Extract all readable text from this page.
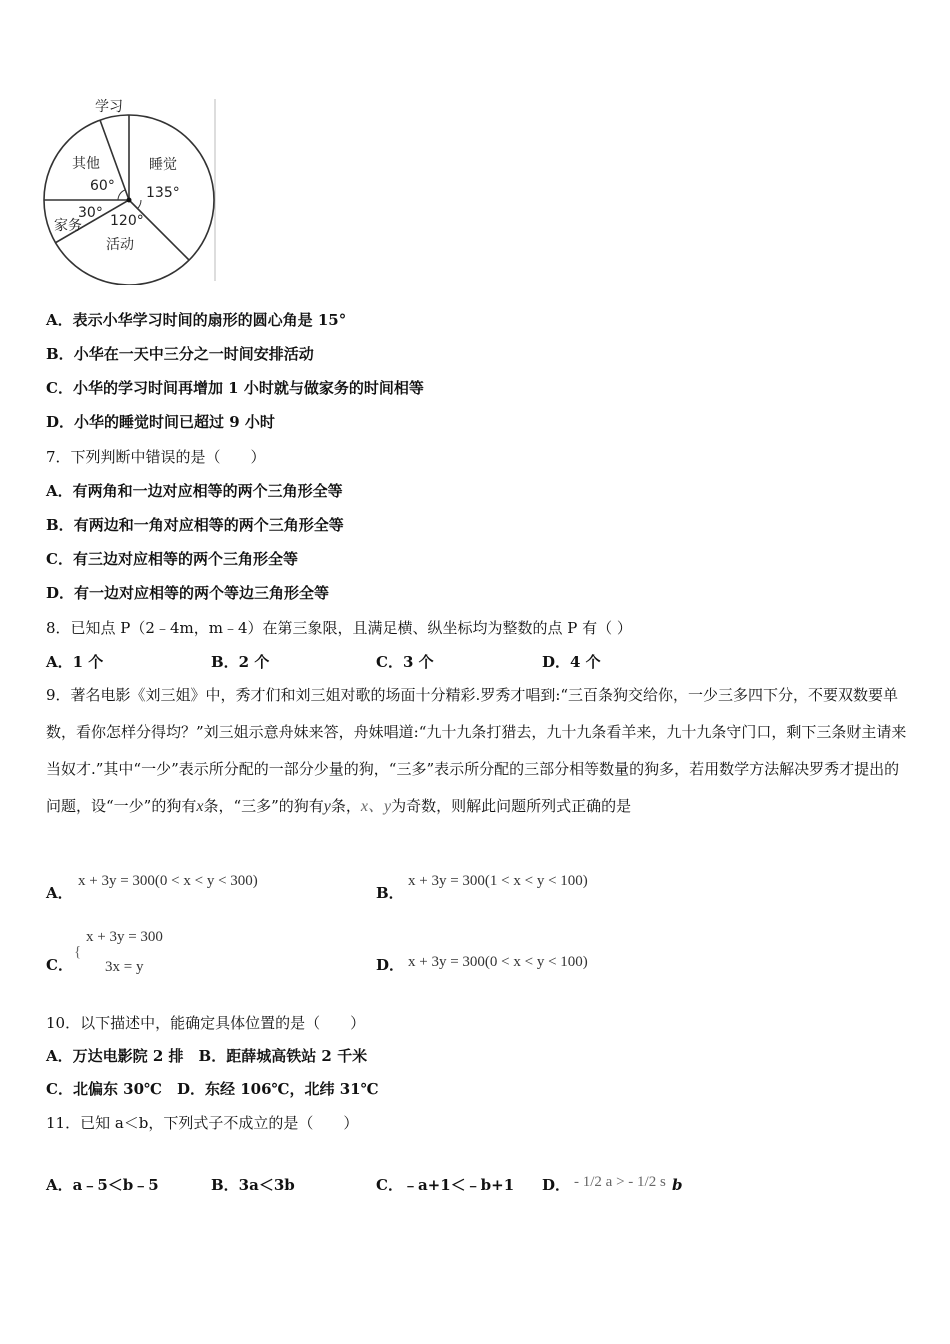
学习
其他
60°
睡觉
135°
30°
家务 120°
活动
A．表示小华学习时间的扇形的圆心角是 15°
B．小华在一天中三分之一时间安排活动
C．小华的学习时间再增加 1 小时就与做家务的时间相等
D．小华的睡觉时间已超过 9 小时
7．下列判断中错误的是（　　）
A．有两角和一边对应相等的两个三角形全等
B．有两边和一角对应相等的两个三角形全等
C．有三边对应相等的两个三角形全等
D．有一边对应相等的两个等边三角形全等
8．已知点 P（2﹣4m，m﹣4）在第三象限，且满足横、纵坐标均为整数的点 P 有（ ）
A．1 个	B．2 个	C．3 个	D．4 个
9．著名电影《刘三姐》中，秀才们和刘三姐对歌的场面十分精彩.罗秀才唱到:“三百条狗交给你，一少三多四下分，不要双数要单数，看你怎样分得均？”刘三姐示意舟妹来答，舟妹唱道:“九十九条打猎去，九十九条看羊来，九十九条守门口，剩下三条财主请来当奴才.”其中“一少”表示所分配的一部分少量的狗，“三多”表示所分配的三部分相等数量的狗多，若用数学方法解决罗秀才提出的问题，设“一少”的狗有x条，“三多”的狗有y条，x、y为奇数，则解此问题所列式正确的是
A．
x + 3y = 300(0 < x < y < 300)
B．
x + 3y = 300(1 < x < y < 100)
C．
{
x + 3y = 300
3x = y	D． x + 3y = 300(0 < x < y < 100)
10．以下描述中，能确定具体位置的是（　　）
A．万达电影院 2 排　B．距薛城高铁站 2 千米
C．北偏东 30℃　D．东经 106℃，北纬 31℃
11．已知 a＜b，下列式子不成立的是（　　）
A．a﹣5＜b﹣5	B．3a＜3b	C．﹣a+1＜﹣b+1 D． - 1/2 a > - 1/2 s b
